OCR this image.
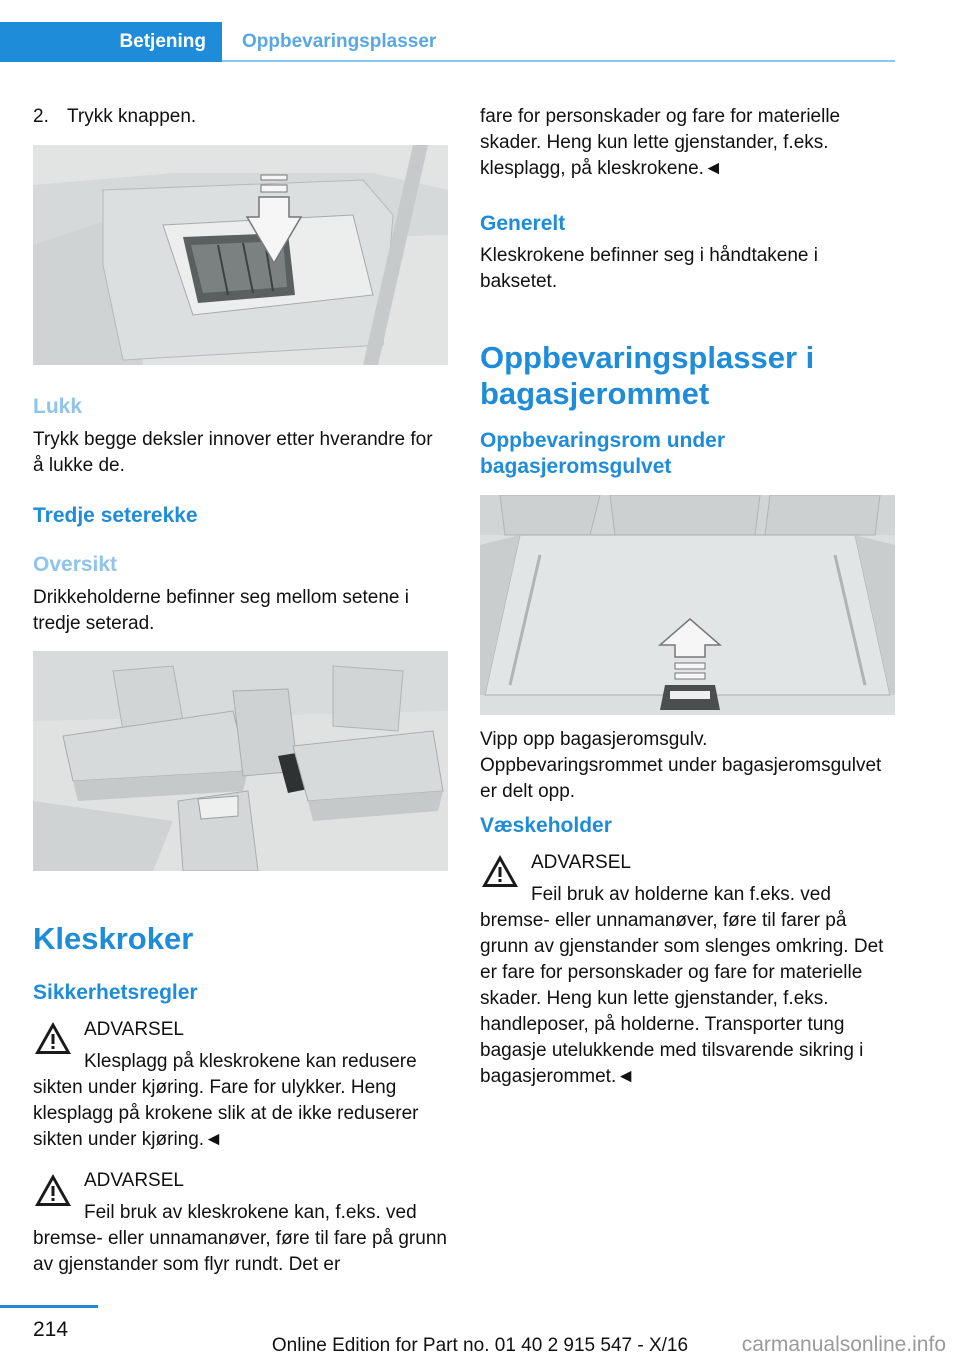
Betjening	Oppbevaringsplasser
2. Trykk knappen.
Lukk
Trykk begge deksler innover etter hverandre for å lukke de.
Tredje seterekke
Oversikt
Drikkeholderne befinner seg mellom setene i tredje seterad.
Kleskroker
Sikkerhetsregler
ADVARSEL
Klesplagg på kleskrokene kan redusere
sikten under kjøring. Fare for ulykker. Heng klesplagg på krokene slik at de ikke reduserer sikten under kjøring.◄
ADVARSEL
Feil bruk av kleskrokene kan, f.eks. ved
bremse- eller unnamanøver, føre til fare på grunn av gjenstander som flyr rundt. Det er
fare for personskader og fare for materielle skader. Heng kun lette gjenstander, f.eks. klesplagg, på kleskrokene.◄
Generelt
Kleskrokene befinner seg i håndtakene i baksetet.
Oppbevaringsplasser i bagasjerommet
Oppbevaringsrom under bagasjeromsgulvet
Vipp opp bagasjeromsgulv. Oppbevaringsrommet under bagasjeromsgulvet er delt opp.
Væskeholder
ADVARSEL
Feil bruk av holderne kan f.eks. ved
bremse- eller unnamanøver, føre til farer på grunn av gjenstander som slenges omkring. Det er fare for personskader og fare for materielle skader. Heng kun lette gjenstander, f.eks. handleposer, på holderne. Transporter tung bagasje utelukkende med tilsvarende sikring i bagasjerommet.◄
214
Online Edition for Part no. 01 40 2 915 547 - X/16	carmanualsonline.info
